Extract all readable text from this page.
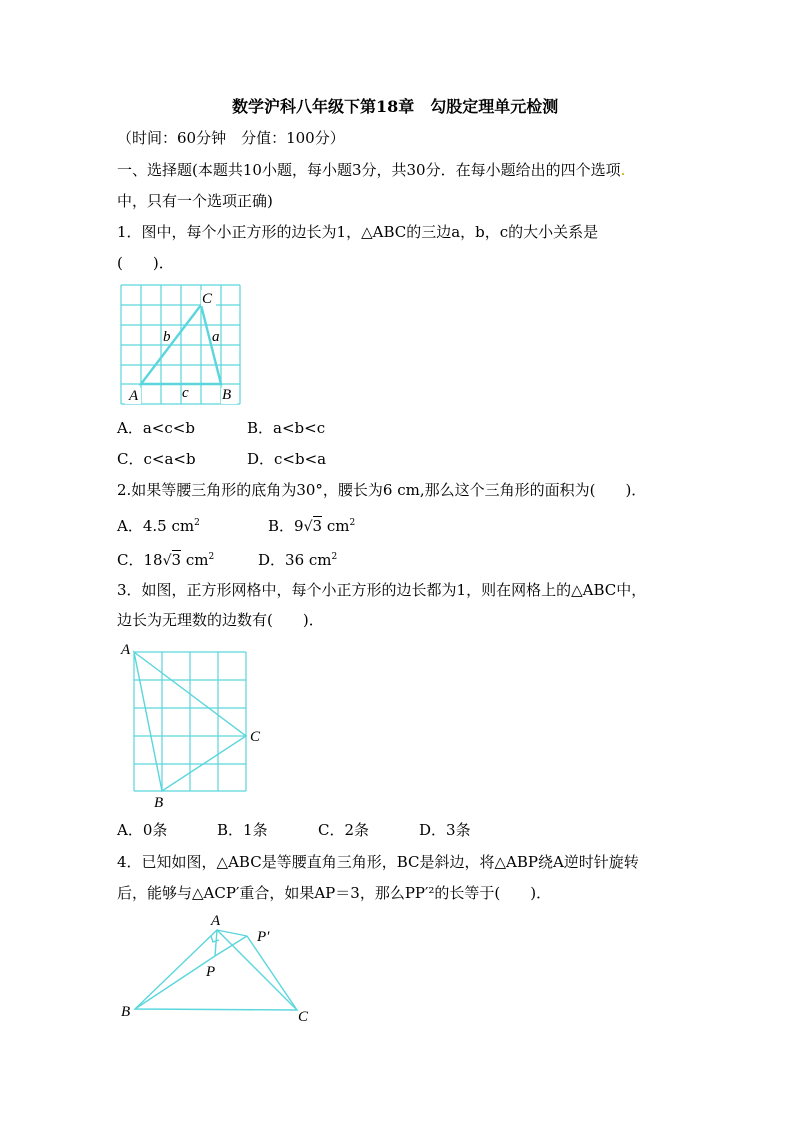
数学沪科八年级下第18章　勾股定理单元检测
（时间：60分钟　分值：100分）
一、选择题(本题共10小题，每小题3分，共30分．在每小题给出的四个选项.
中，只有一个选项正确)
1．图中，每个小正方形的边长为1，△ABC的三边a，b，c的大小关系是
(　　)．
A	B
C
a
b
c
A．a<c<b	B．a<b<c
C．c<a<b	D．c<b<a
2.如果等腰三角形的底角为30°，腰长为6 cm,那么这个三角形的面积为(　　)．
A．4.5 $cm^2$	B．9√3 $cm^2$
C．18√3 $cm^2$	D．36 $cm^2$
3．如图，正方形网格中，每个小正方形的边长都为1，则在网格上的△ABC中，
边长为无理数的边数有(　　)．
A
B
C
A．0条	B．1条	C．2条	D．3条
4．已知如图，△ABC是等腰直角三角形，BC是斜边，将△ABP绕A逆时针旋转
后，能够与△ACP′重合，如果AP＝3，那么PP′²的长等于(　　)．
A
P′
P
B	C
